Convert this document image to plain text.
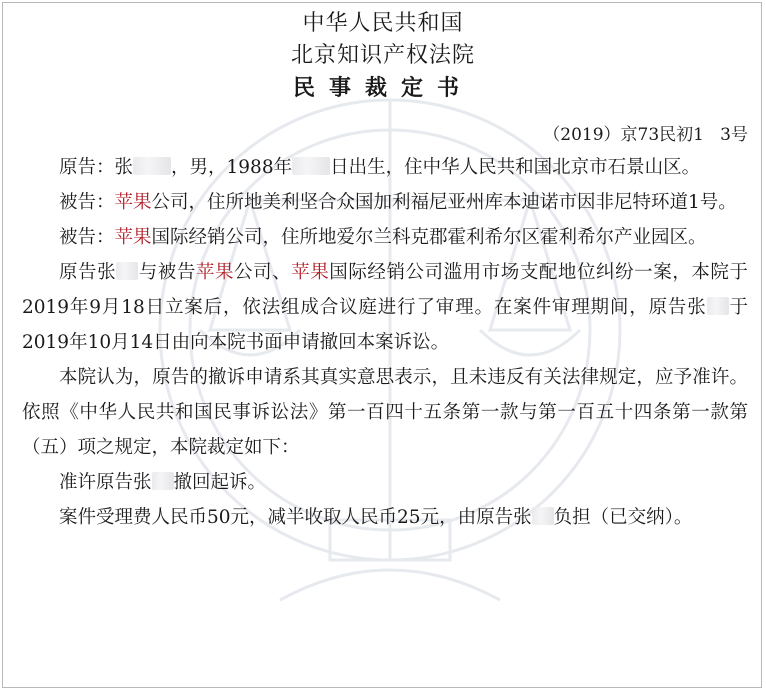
中华人民共和国
北京知识产权法院
民事裁定书
（2019）京73民初1   3号

原告：张 ，男，1988年 日出生，住中华人民共和国北京市石景山区。

被告：苹果公司，住所地美利坚合众国加利福尼亚州库本迪诺市因非尼特环道1号。

被告：苹果国际经销公司，住所地爱尔兰科克郡霍利希尔区霍利希尔产业园区。

原告张 与被告苹果公司、苹果国际经销公司滥用市场支配地位纠纷一案，本院于2019年9月18日立案后，依法组成合议庭进行了审理。在案件审理期间，原告张 于2019年10月14日由向本院书面申请撤回本案诉讼。

本院认为，原告的撤诉申请系其真实意思表示，且未违反有关法律规定，应予准许。依照《中华人民共和国民事诉讼法》第一百四十五条第一款与第一百五十四条第一款第（五）项之规定，本院裁定如下：

准许原告张 撤回起诉。

案件受理费人民币50元，减半收取人民币25元，由原告张 负担（已交纳）。
